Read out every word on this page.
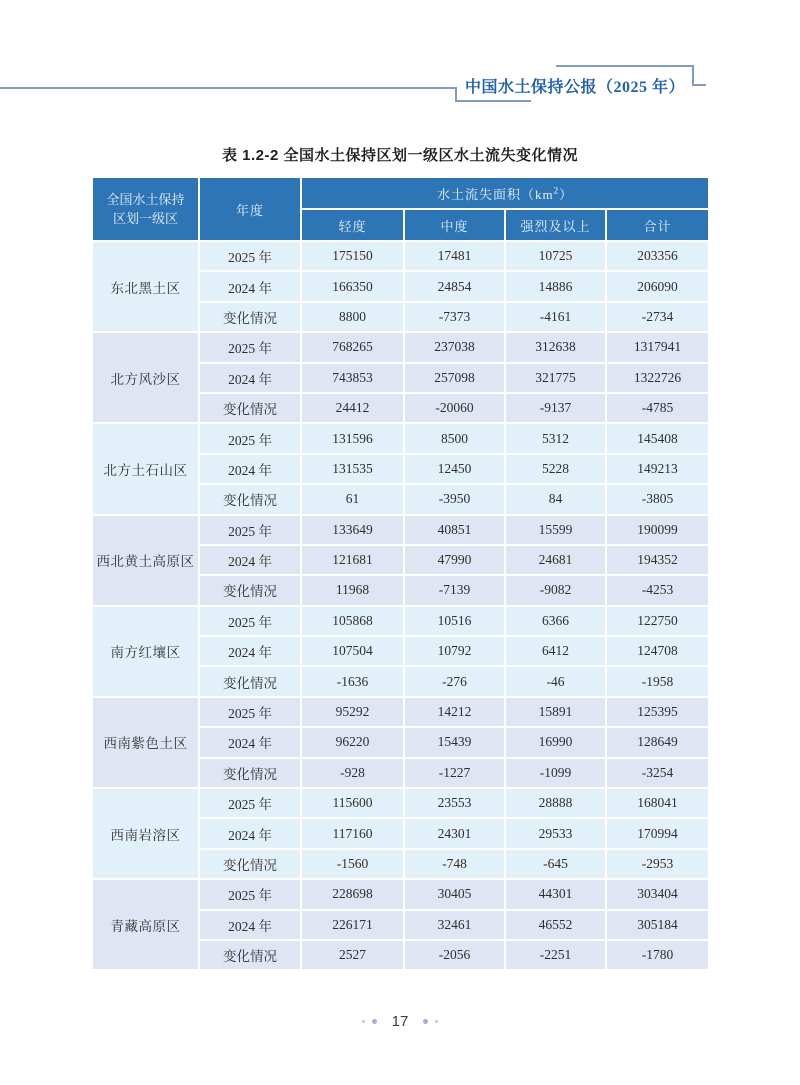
中国水土保持公报（2025 年）
表 1.2-2 全国水土保持区划一级区水土流失变化情况
全国水土保持
区划一级区	年度	水土流失面积$(km^2)$			
		轻度	中度	强烈及以上	合计
东北黑土区	2025 年	175150	17481	10725	203356
	2024 年	166350	24854	14886	206090
	变化情况	8800	-7373	-4161	-2734
北方风沙区	2025 年	768265	237038	312638	1317941
	2024 年	743853	257098	321775	1322726
	变化情况	24412	-20060	-9137	-4785
北方土石山区	2025 年	131596	8500	5312	145408
	2024 年	131535	12450	5228	149213
	变化情况	61	-3950	84	-3805
西北黄土高原区	2025 年	133649	40851	15599	190099
	2024 年	121681	47990	24681	194352
	变化情况	11968	-7139	-9082	-4253
南方红壤区	2025 年	105868	10516	6366	122750
	2024 年	107504	10792	6412	124708
	变化情况	-1636	-276	-46	-1958
西南紫色土区	2025 年	95292	14212	15891	125395
	2024 年	96220	15439	16990	128649
	变化情况	-928	-1227	-1099	-3254
西南岩溶区	2025 年	115600	23553	28888	168041
	2024 年	117160	24301	29533	170994
	变化情况	-1560	-748	-645	-2953
青藏高原区	2025 年	228698	30405	44301	303404
	2024 年	226171	32461	46552	305184
	变化情况	2527	-2056	-2251	-1780
17
